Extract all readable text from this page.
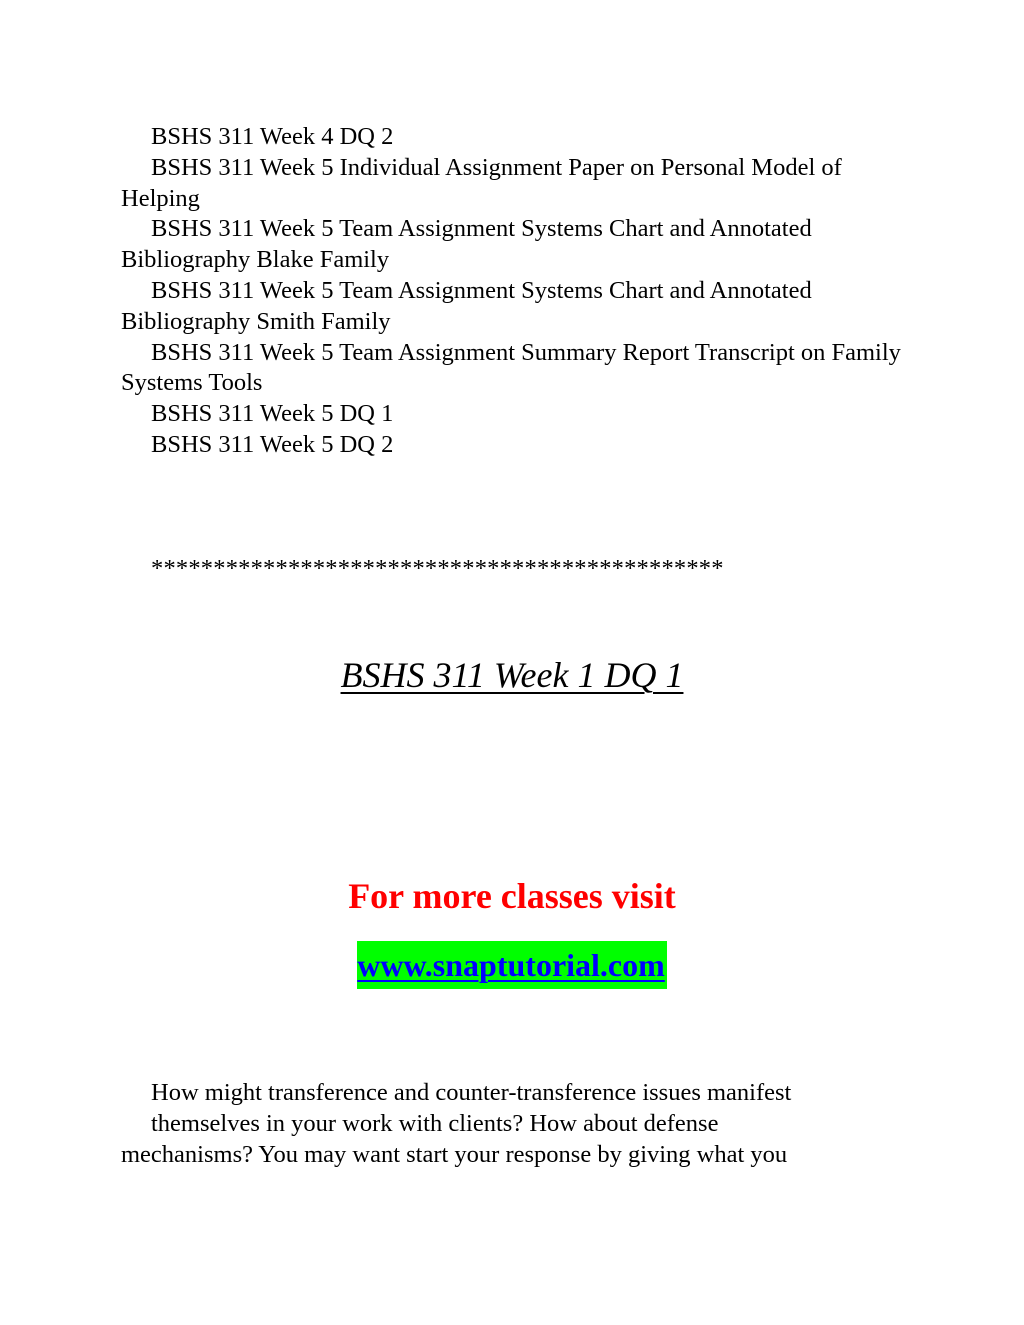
BSHS 311 Week 4 DQ 2

BSHS 311 Week 5 Individual Assignment Paper on Personal Model of Helping

BSHS 311 Week 5 Team Assignment Systems Chart and Annotated Bibliography Blake Family

BSHS 311 Week 5 Team Assignment Systems Chart and Annotated Bibliography Smith Family

BSHS 311 Week 5 Team Assignment Summary Report Transcript on Family Systems Tools

BSHS 311 Week 5 DQ 1

BSHS 311 Week 5 DQ 2

**********************************************
BSHS 311 Week 1 DQ 1
For more classes visit
www.snaptutorial.com

How might transference and counter-transference issues manifest

themselves in your work with clients? How about defense

mechanisms? You may want start your response by giving what you
